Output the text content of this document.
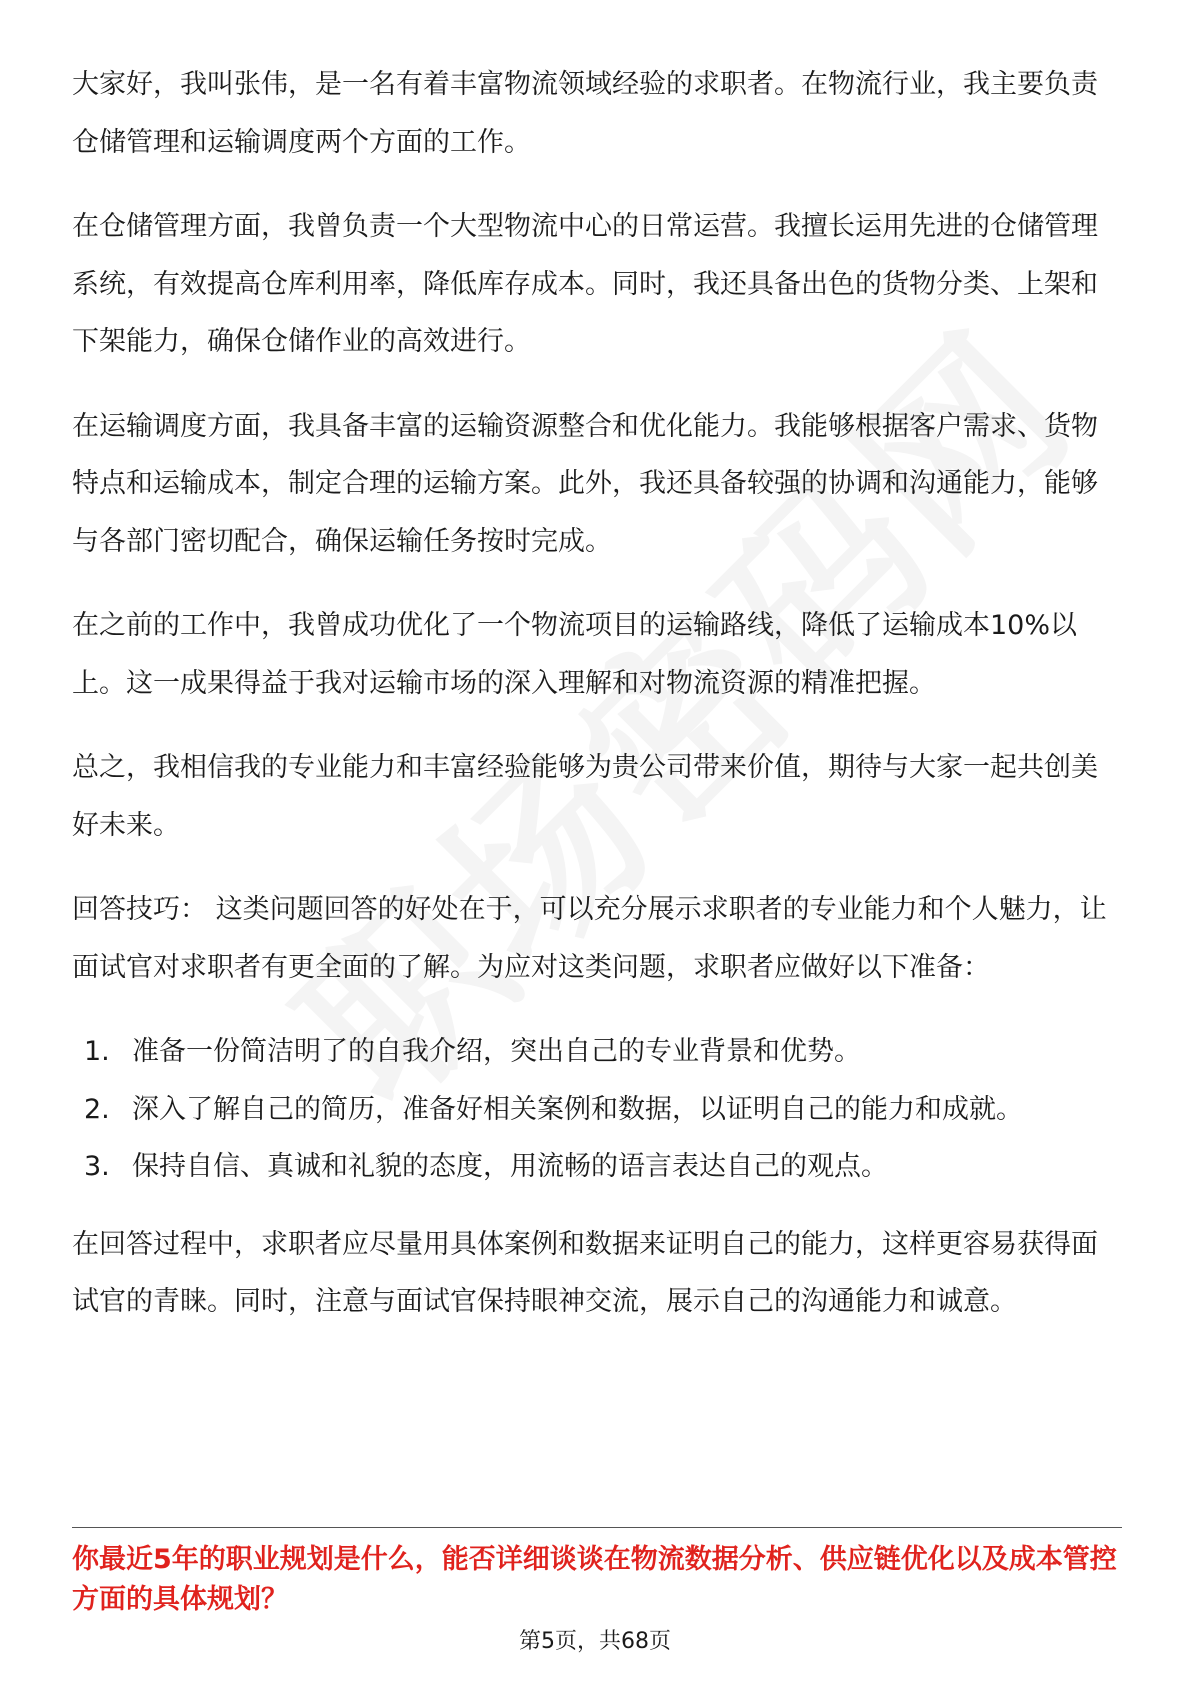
大家好，我叫张伟，是一名有着丰富物流领域经验的求职者。在物流行业，我主要负责仓储管理和运输调度两个方面的工作。

在仓储管理方面，我曾负责一个大型物流中心的日常运营。我擅长运用先进的仓储管理系统，有效提高仓库利用率，降低库存成本。同时，我还具备出色的货物分类、上架和下架能力，确保仓储作业的高效进行。

在运输调度方面，我具备丰富的运输资源整合和优化能力。我能够根据客户需求、货物特点和运输成本，制定合理的运输方案。此外，我还具备较强的协调和沟通能力，能够与各部门密切配合，确保运输任务按时完成。

在之前的工作中，我曾成功优化了一个物流项目的运输路线，降低了运输成本10%以上。这一成果得益于我对运输市场的深入理解和对物流资源的精准把握。

总之，我相信我的专业能力和丰富经验能够为贵公司带来价值，期待与大家一起共创美好未来。

回答技巧： 这类问题回答的好处在于，可以充分展示求职者的专业能力和个人魅力，让面试官对求职者有更全面的了解。为应对这类问题，求职者应做好以下准备：

1. 准备一份简洁明了的自我介绍，突出自己的专业背景和优势。
2. 深入了解自己的简历，准备好相关案例和数据，以证明自己的能力和成就。
3. 保持自信、真诚和礼貌的态度，用流畅的语言表达自己的观点。

在回答过程中，求职者应尽量用具体案例和数据来证明自己的能力，这样更容易获得面试官的青睐。同时，注意与面试官保持眼神交流，展示自己的沟通能力和诚意。

你最近5年的职业规划是什么，能否详细谈谈在物流数据分析、供应链优化以及成本管控方面的具体规划？

第5页，共68页
